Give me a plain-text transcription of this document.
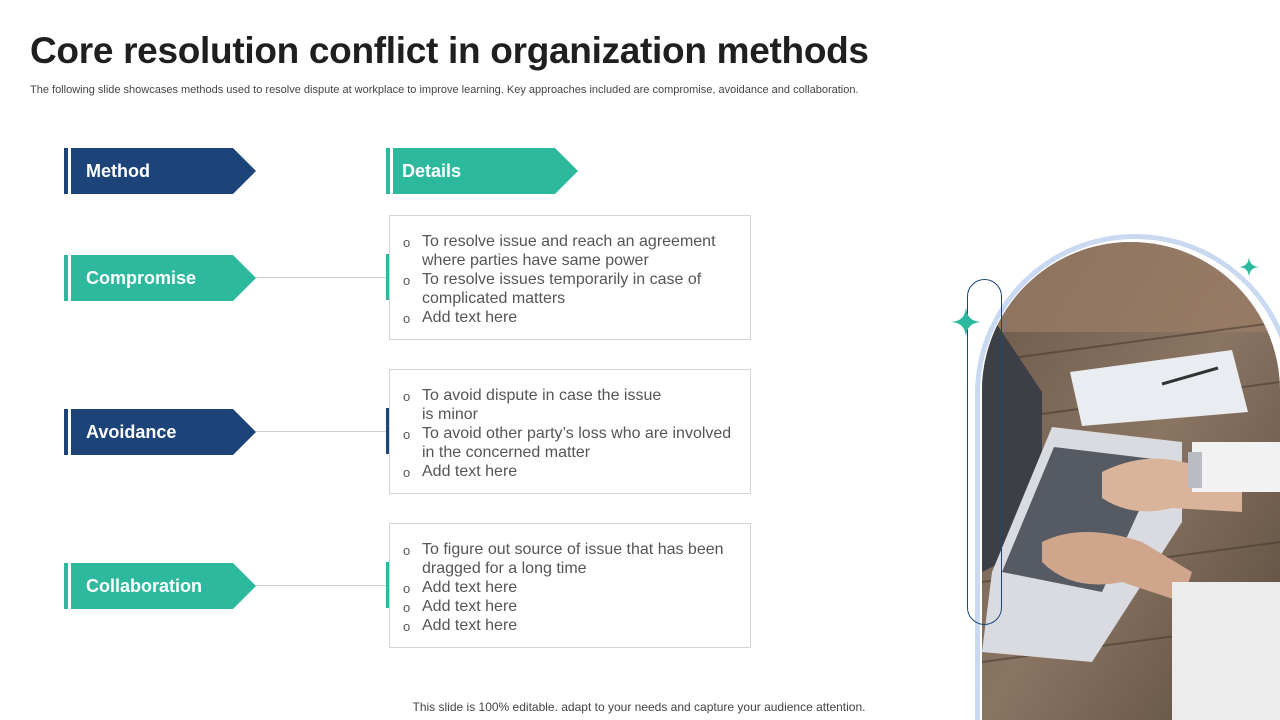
Core resolution conflict in organization methods
The following slide showcases methods used to resolve dispute at workplace to improve learning. Key approaches included are compromise, avoidance and collaboration.
Method	Details
Compromise
o To resolve issue and reach an agreement where parties have same power
o To resolve issues temporarily in case of complicated matters
o Add text here
Avoidance
o To avoid dispute in case the issue is minor
o To avoid other party’s loss who are involved in the concerned matter
o Add text here
Collaboration
o To figure out source of issue that has been dragged for a long time
o Add text here
o Add text here
o Add text here
This slide is 100% editable. adapt to your needs and capture your audience attention.
